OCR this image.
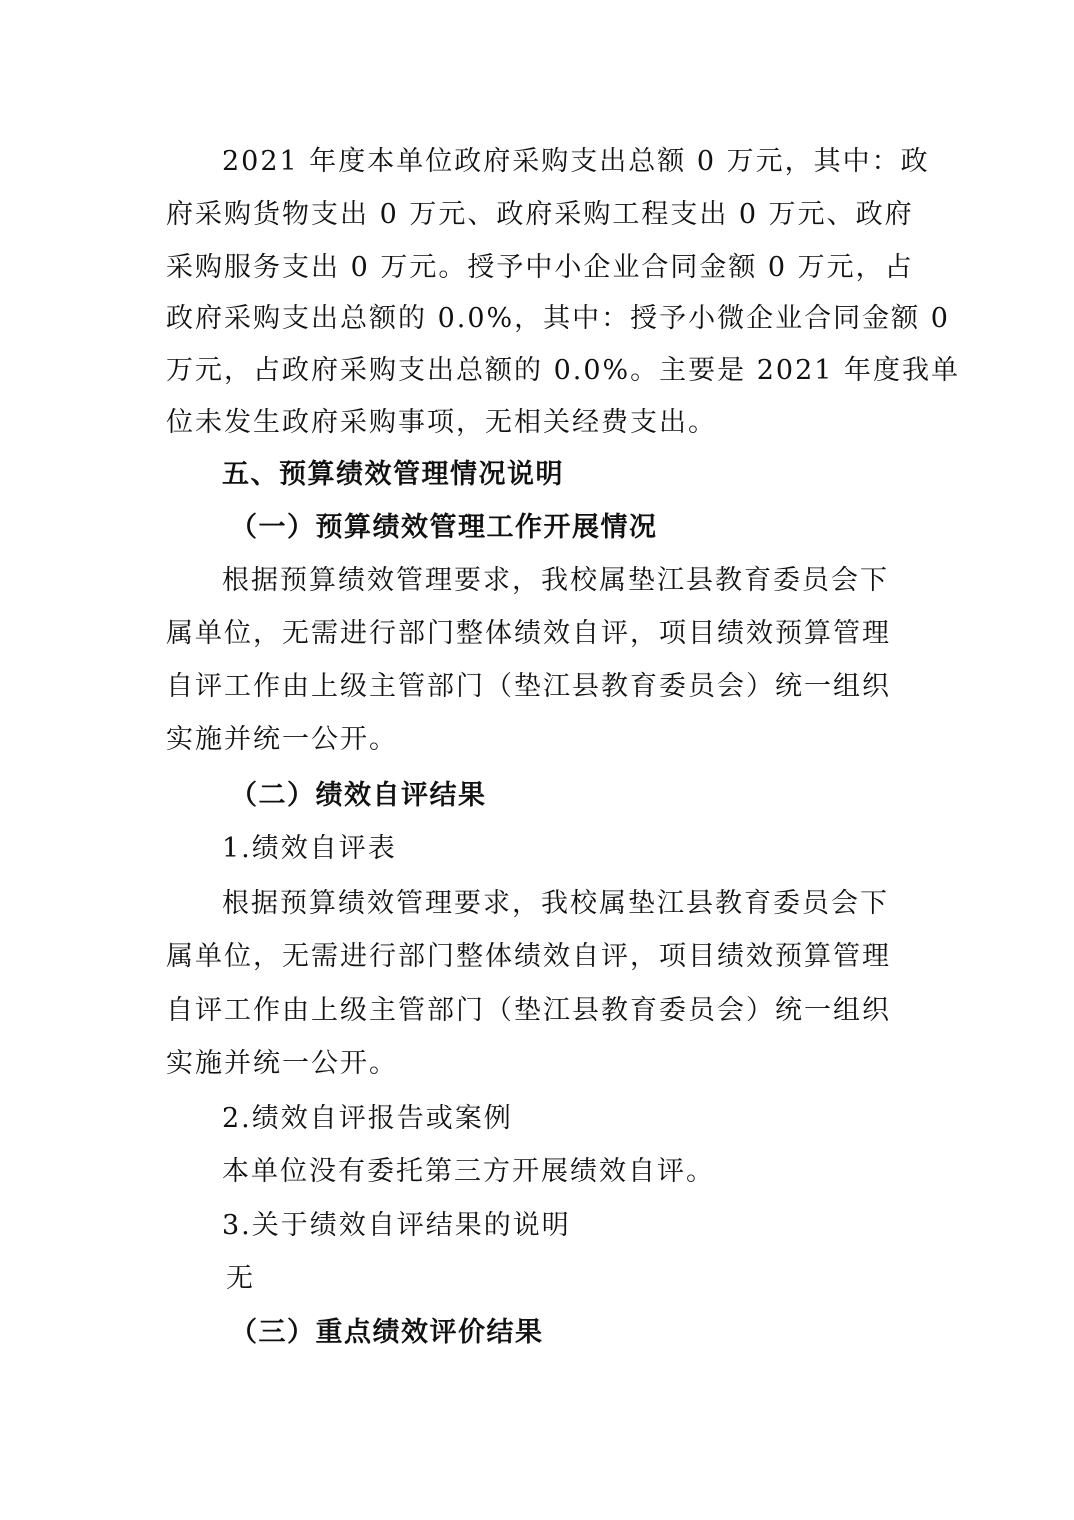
2021 年度本单位政府采购支出总额 0 万元，其中：政
府采购货物支出 0 万元、政府采购工程支出 0 万元、政府
采购服务支出 0 万元。授予中小企业合同金额 0 万元，占
政府采购支出总额的 0.0%，其中：授予小微企业合同金额 0
万元，占政府采购支出总额的 0.0%。主要是 2021 年度我单
位未发生政府采购事项，无相关经费支出。
五、预算绩效管理情况说明
（一）预算绩效管理工作开展情况
根据预算绩效管理要求，我校属垫江县教育委员会下
属单位，无需进行部门整体绩效自评，项目绩效预算管理
自评工作由上级主管部门（垫江县教育委员会）统一组织
实施并统一公开。
（二）绩效自评结果
1.绩效自评表
根据预算绩效管理要求，我校属垫江县教育委员会下
属单位，无需进行部门整体绩效自评，项目绩效预算管理
自评工作由上级主管部门（垫江县教育委员会）统一组织
实施并统一公开。
2.绩效自评报告或案例
本单位没有委托第三方开展绩效自评。
3.关于绩效自评结果的说明
无
（三）重点绩效评价结果
